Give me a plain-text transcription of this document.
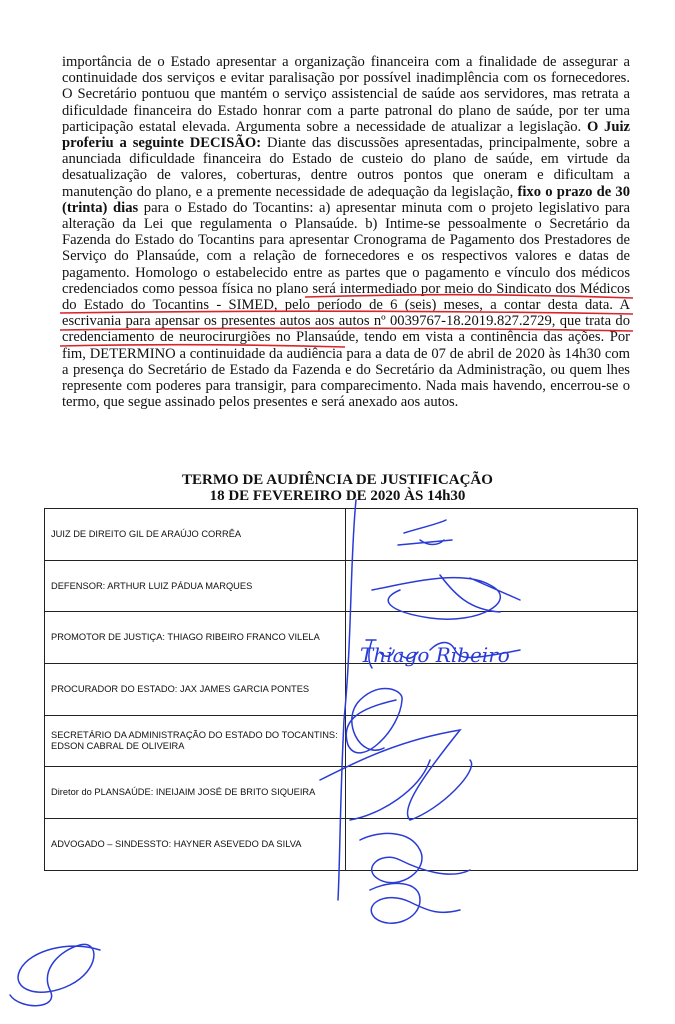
importância de o Estado apresentar a organização financeira com a finalidade de assegurar a continuidade dos serviços e evitar paralisação por possível inadimplência com os fornecedores. O Secretário pontuou que mantém o serviço assistencial de saúde aos servidores, mas retrata a dificuldade financeira do Estado honrar com a parte patronal do plano de saúde, por ter uma participação estatal elevada. Argumenta sobre a necessidade de atualizar a legislação. O Juiz proferiu a seguinte DECISÃO: Diante das discussões apresentadas, principalmente, sobre a anunciada dificuldade financeira do Estado de custeio do plano de saúde, em virtude da desatualização de valores, coberturas, dentre outros pontos que oneram e dificultam a manutenção do plano, e a premente necessidade de adequação da legislação, fixo o prazo de 30 (trinta) dias para o Estado do Tocantins: a) apresentar minuta com o projeto legislativo para alteração da Lei que regulamenta o Plansaúde. b) Intime-se pessoalmente o Secretário da Fazenda do Estado do Tocantins para apresentar Cronograma de Pagamento dos Prestadores de Serviço do Plansaúde, com a relação de fornecedores e os respectivos valores e datas de pagamento. Homologo o estabelecido entre as partes que o pagamento e vínculo dos médicos credenciados como pessoa física no plano será intermediado por meio do Sindicato dos Médicos do Estado do Tocantins - SIMED, pelo período de 6 (seis) meses, a contar desta data. A escrivania para apensar os presentes autos aos autos nº 0039767-18.2019.827.2729, que trata do credenciamento de neurocirurgiões no Plansaúde, tendo em vista a continência das ações. Por fim, DETERMINO a continuidade da audiência para a data de 07 de abril de 2020 às 14h30 com a presença do Secretário de Estado da Fazenda e do Secretário da Administração, ou quem lhes represente com poderes para transigir, para comparecimento. Nada mais havendo, encerrou-se o termo, que segue assinado pelos presentes e será anexado aos autos.
TERMO DE AUDIÊNCIA DE JUSTIFICAÇÃO
18 DE FEVEREIRO DE 2020 ÀS 14h30
JUIZ DE DIREITO GIL DE ARAÚJO CORRÊA	
DEFENSOR: ARTHUR LUIZ PÁDUA MARQUES	
PROMOTOR DE JUSTIÇA: THIAGO RIBEIRO FRANCO VILELA	
PROCURADOR DO ESTADO: JAX JAMES GARCIA PONTES	
SECRETÁRIO DA ADMINISTRAÇÃO DO ESTADO DO TOCANTINS: EDSON CABRAL DE OLIVEIRA	
Diretor do PLANSAÚDE: INEIJAIM JOSÉ DE BRITO SIQUEIRA	
ADVOGADO – SINDESSTO: HAYNER ASEVEDO DA SILVA	
Thiago Ribeiro
